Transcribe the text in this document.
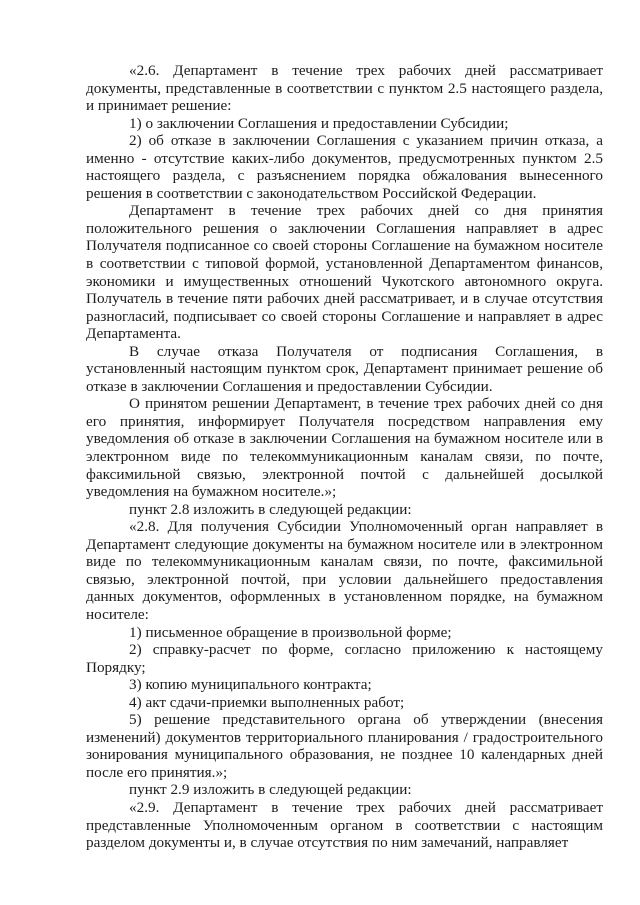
«2.6. Департамент в течение трех рабочих дней рассматривает документы, представленные в соответствии с пунктом 2.5 настоящего раздела, и принимает решение:

1) о заключении Соглашения и предоставлении Субсидии;

2) об отказе в заключении Соглашения с указанием причин отказа, а именно - отсутствие каких-либо документов, предусмотренных пунктом 2.5 настоящего раздела, с разъяснением порядка обжалования вынесенного решения в соответствии с законодательством Российской Федерации.

Департамент в течение трех рабочих дней со дня принятия положительного решения о заключении Соглашения направляет в адрес Получателя подписанное со своей стороны Соглашение на бумажном носителе в соответствии с типовой формой, установленной Департаментом финансов, экономики и имущественных отношений Чукотского автономного округа. Получатель в течение пяти рабочих дней рассматривает, и в случае отсутствия разногласий, подписывает со своей стороны Соглашение и направляет в адрес Департамента.

В случае отказа Получателя от подписания Соглашения, в установленный настоящим пунктом срок, Департамент принимает решение об отказе в заключении Соглашения и предоставлении Субсидии.

О принятом решении Департамент, в течение трех рабочих дней со дня его принятия, информирует Получателя посредством направления ему уведомления об отказе в заключении Соглашения на бумажном носителе или в электронном виде по телекоммуникационным каналам связи, по почте, факсимильной связью, электронной почтой с дальнейшей досылкой уведомления на бумажном носителе.»;

пункт 2.8 изложить в следующей редакции:

«2.8. Для получения Субсидии Уполномоченный орган направляет в Департамент следующие документы на бумажном носителе или в электронном виде по телекоммуникационным каналам связи, по почте, факсимильной связью, электронной почтой, при условии дальнейшего предоставления данных документов, оформленных в установленном порядке, на бумажном носителе:

1) письменное обращение в произвольной форме;

2) справку-расчет по форме, согласно приложению к настоящему Порядку;

3) копию муниципального контракта;

4) акт сдачи-приемки выполненных работ;

5) решение представительного органа об утверждении (внесения изменений) документов территориального планирования / градостроительного зонирования муниципального образования, не позднее 10 календарных дней после его принятия.»;

пункт 2.9 изложить в следующей редакции:

«2.9. Департамент в течение трех рабочих дней рассматривает представленные Уполномоченным органом в соответствии с настоящим разделом документы и, в случае отсутствия по ним замечаний, направляет
